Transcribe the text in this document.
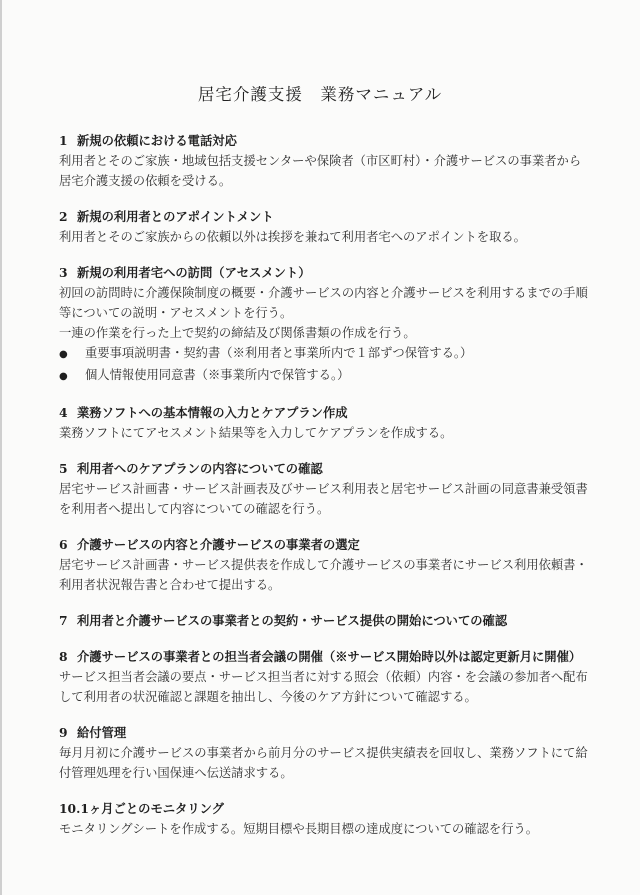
居宅介護支援　業務マニュアル
1 新規の依頼における電話対応
利用者とそのご家族・地域包括支援センターや保険者（市区町村）・介護サービスの事業者から
居宅介護支援の依頼を受ける。
2 新規の利用者とのアポイントメント
利用者とそのご家族からの依頼以外は挨拶を兼ねて利用者宅へのアポイントを取る。
3 新規の利用者宅への訪問（アセスメント）
初回の訪問時に介護保険制度の概要・介護サービスの内容と介護サービスを利用するまでの手順
等についての説明・アセスメントを行う。
一連の作業を行った上で契約の締結及び関係書類の作成を行う。
● 重要事項説明書・契約書（※利用者と事業所内で１部ずつ保管する。）
● 個人情報使用同意書（※事業所内で保管する。）
4 業務ソフトへの基本情報の入力とケアプラン作成
業務ソフトにてアセスメント結果等を入力してケアプランを作成する。
5 利用者へのケアプランの内容についての確認
居宅サービス計画書・サービス計画表及びサービス利用表と居宅サービス計画の同意書兼受領書
を利用者へ提出して内容についての確認を行う。
6 介護サービスの内容と介護サービスの事業者の選定
居宅サービス計画書・サービス提供表を作成して介護サービスの事業者にサービス利用依頼書・
利用者状況報告書と合わせて提出する。
7 利用者と介護サービスの事業者との契約・サービス提供の開始についての確認
8 介護サービスの事業者との担当者会議の開催（※サービス開始時以外は認定更新月に開催）
サービス担当者会議の要点・サービス担当者に対する照会（依頼）内容・を会議の参加者へ配布
して利用者の状況確認と課題を抽出し、今後のケア方針について確認する。
9 給付管理
毎月月初に介護サービスの事業者から前月分のサービス提供実績表を回収し、業務ソフトにて給
付管理処理を行い国保連へ伝送請求する。
10.1ヶ月ごとのモニタリング
モニタリングシートを作成する。短期目標や長期目標の達成度についての確認を行う。
